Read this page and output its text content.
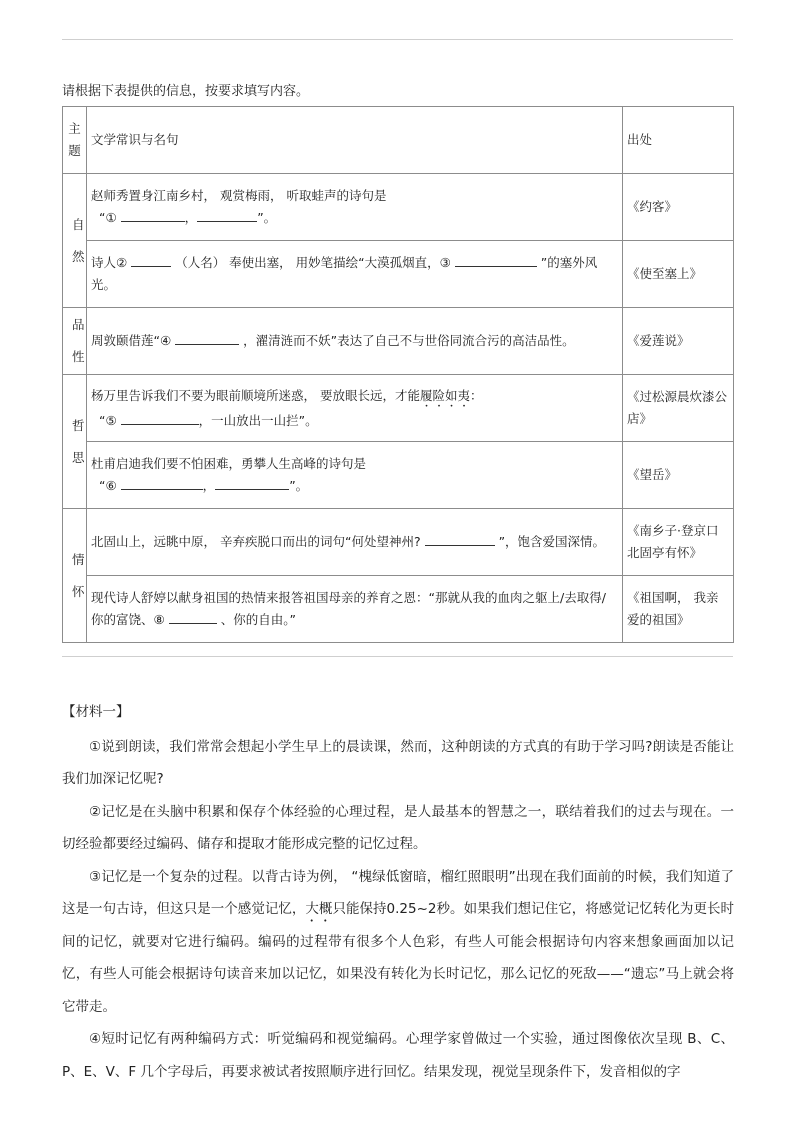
请根据下表提供的信息，按要求填写内容。
主题	文学常识与名句	出处

自然	赵师秀置身江南乡村， 观赏梅雨， 听取蛙声的诗句是
“① ， ”。	《约客》
	诗人② （人名） 奉使出塞， 用妙笔描绘“大漠孤烟直，③ ”的塞外风光。	《使至塞上》

品性	周敦颐借莲“④ ，濯清涟而不妖”表达了自己不与世俗同流合污的高洁品性。	《爱莲说》

哲思	杨万里告诉我们不要为眼前顺境所迷惑， 要放眼长远，才能履险如夷：
“⑤ ，一山放出一山拦”。	《过松源晨炊漆公店》
	杜甫启迪我们要不怕困难，勇攀人生高峰的诗句是
“⑥ ， ”。	《望岳》

情怀	北固山上，远眺中原， 辛弃疾脱口而出的词句“何处望神州? ”，饱含爱国深情。	《南乡子·登京口北固亭有怀》
	现代诗人舒婷以献身祖国的热情来报答祖国母亲的养育之恩：“那就从我的血肉之躯上/去取得/你的富饶、⑧ 、你的自由。”	《祖国啊， 我亲爱的祖国》

【材料一】

①说到朗读，我们常常会想起小学生早上的晨读课，然而，这种朗读的方式真的有助于学习吗?朗读是否能让我们加深记忆呢?

②记忆是在头脑中积累和保存个体经验的心理过程，是人最基本的智慧之一，联结着我们的过去与现在。一切经验都要经过编码、储存和提取才能形成完整的记忆过程。

③记忆是一个复杂的过程。以背古诗为例， “槐绿低窗暗，榴红照眼明”出现在我们面前的时候，我们知道了这是一句古诗，但这只是一个感觉记忆，大概只能保持0.25~2秒。如果我们想记住它，将感觉记忆转化为更长时间的记忆，就要对它进行编码。编码的过程带有很多个人色彩，有些人可能会根据诗句内容来想象画面加以记忆，有些人可能会根据诗句读音来加以记忆，如果没有转化为长时记忆，那么记忆的死敌——“遗忘”马上就会将它带走。

④短时记忆有两种编码方式：听觉编码和视觉编码。心理学家曾做过一个实验，通过图像依次呈现 B、C、P、E、V、F 几个字母后，再要求被试者按照顺序进行回忆。结果发现，视觉呈现条件下，发音相似的字
